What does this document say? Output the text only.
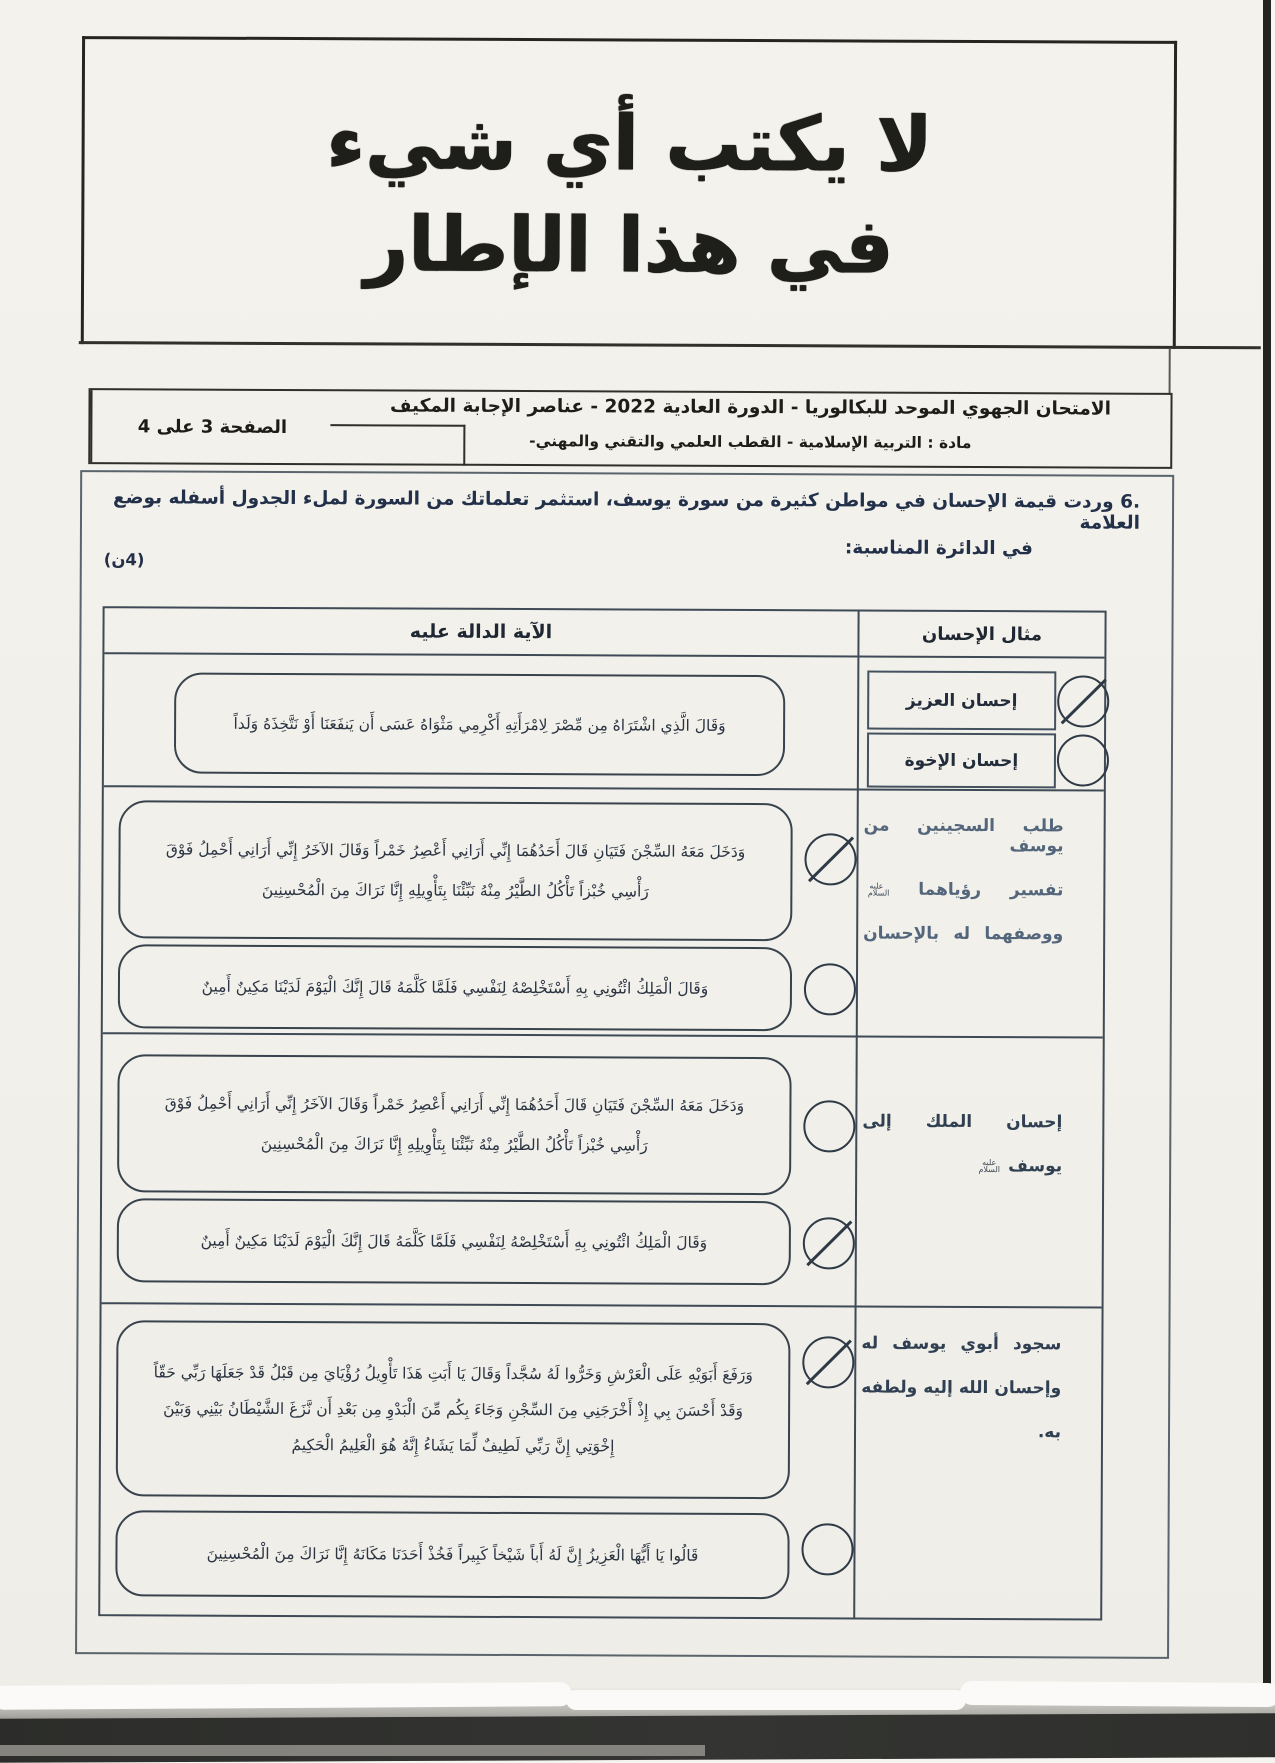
لا يكتب أي شيء
في هذا الإطار
الصفحة 3 على 4
الامتحان الجهوي الموحد للبكالوريا - الدورة العادية 2022 - عناصر الإجابة المكيف
مادة : التربية الإسلامية - القطب العلمي والتقني والمهني-
6. وردت قيمة الإحسان في مواطن كثيرة من سورة يوسف، استثمر تعلماتك من السورة لملء الجدول أسفله بوضع العلامة
في الدائرة المناسبة:
(4ن)
الآية الدالة عليه	مثال الإحسان
وَقَالَ الَّذِي اشْتَرَاهُ مِن مِّصْرَ لِامْرَأَتِهِ أَكْرِمِي مَثْوَاهُ عَسَى أَن يَنفَعَنَا أَوْ نَتَّخِذَهُ وَلَداً
إحسان العزيز
إحسان الإخوة
طلب السجينين من يوسف
تفسير رؤياهما عليه السلام
ووصفهما له بالإحسان
وَدَخَلَ مَعَهُ السِّجْنَ فَتَيَانِ قَالَ أَحَدُهُمَا إِنِّي أَرَانِي أَعْصِرُ خَمْراً وَقَالَ الآخَرُ إِنِّي أَرَانِي أَحْمِلُ فَوْقَ
رَأْسِي خُبْزاً تَأْكُلُ الطَّيْرُ مِنْهُ نَبِّئْنَا بِتَأْوِيلِهِ إِنَّا نَرَاكَ مِنَ الْمُحْسِنِينَ
وَقَالَ الْمَلِكُ ائْتُونِي بِهِ أَسْتَخْلِصْهُ لِنَفْسِي فَلَمَّا كَلَّمَهُ قَالَ إِنَّكَ الْيَوْمَ لَدَيْنَا مَكِينٌ أَمِينٌ
إحسان الملك إلى
يوسف عليه السلام
وَدَخَلَ مَعَهُ السِّجْنَ فَتَيَانِ قَالَ أَحَدُهُمَا إِنِّي أَرَانِي أَعْصِرُ خَمْراً وَقَالَ الآخَرُ إِنِّي أَرَانِي أَحْمِلُ فَوْقَ
رَأْسِي خُبْزاً تَأْكُلُ الطَّيْرُ مِنْهُ نَبِّئْنَا بِتَأْوِيلِهِ إِنَّا نَرَاكَ مِنَ الْمُحْسِنِينَ
وَقَالَ الْمَلِكُ ائْتُونِي بِهِ أَسْتَخْلِصْهُ لِنَفْسِي فَلَمَّا كَلَّمَهُ قَالَ إِنَّكَ الْيَوْمَ لَدَيْنَا مَكِينٌ أَمِينٌ
سجود أبوي يوسف له
وإحسان الله إليه ولطفه
به.
وَرَفَعَ أَبَوَيْهِ عَلَى الْعَرْشِ وَخَرُّوا لَهُ سُجَّداً وَقَالَ يَا أَبَتِ هَذَا تَأْوِيلُ رُؤْيَايَ مِن قَبْلُ قَدْ جَعَلَهَا رَبِّي حَقّاً
وَقَدْ أَحْسَنَ بِي إِذْ أَخْرَجَنِي مِنَ السِّجْنِ وَجَاءَ بِكُم مِّنَ الْبَدْوِ مِن بَعْدِ أَن نَّزَغَ الشَّيْطَانُ بَيْنِي وَبَيْنَ
إِخْوَتِي إِنَّ رَبِّي لَطِيفٌ لِّمَا يَشَاءُ إِنَّهُ هُوَ الْعَلِيمُ الْحَكِيمُ
قَالُوا يَا أَيُّهَا الْعَزِيزُ إِنَّ لَهُ أَباً شَيْخاً كَبِيراً فَخُذْ أَحَدَنَا مَكَانَهُ إِنَّا نَرَاكَ مِنَ الْمُحْسِنِينَ
